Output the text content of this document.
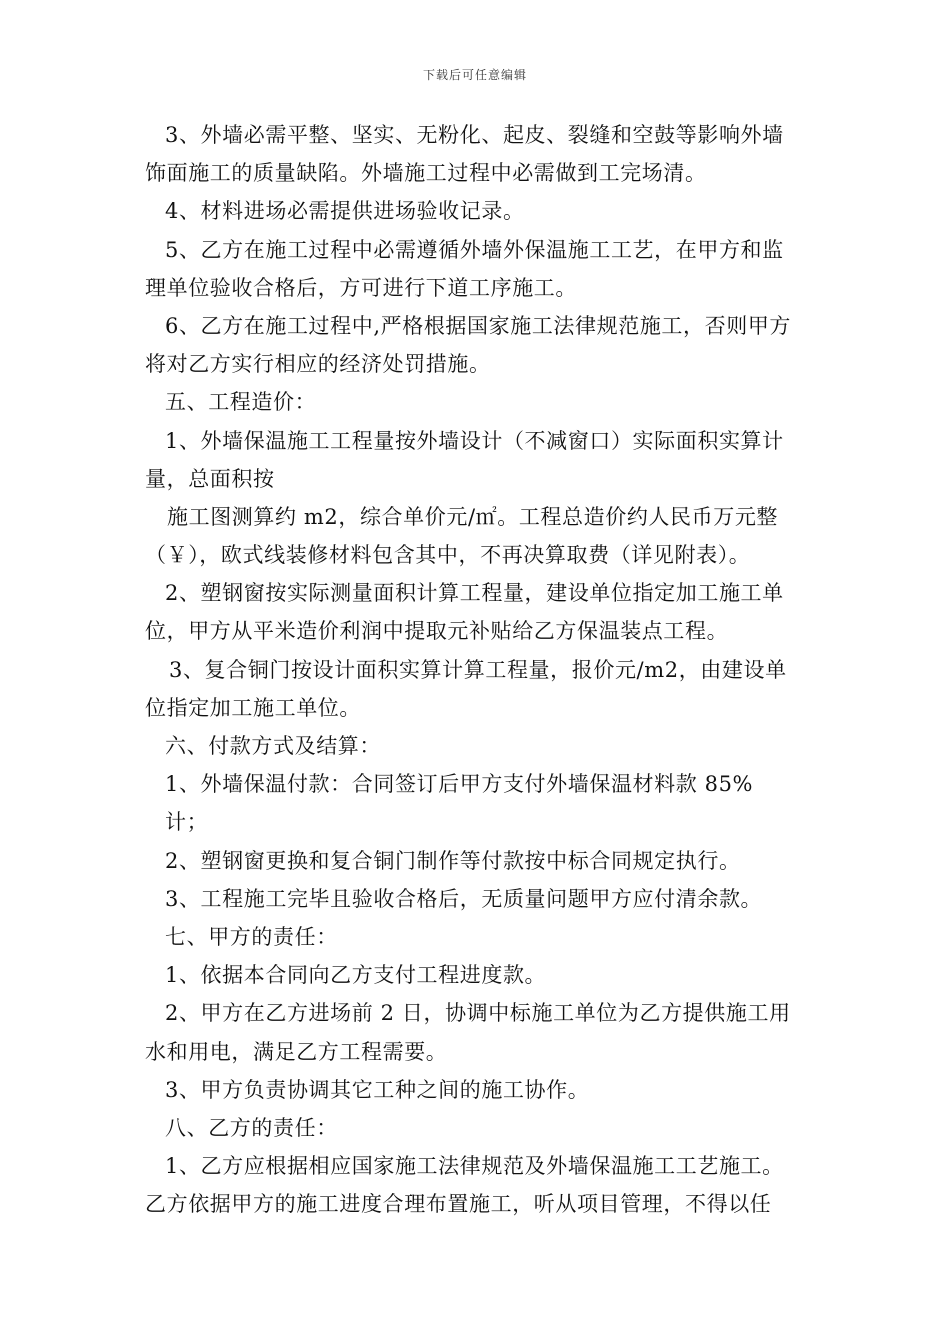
下载后可任意编辑
3、外墙必需平整、坚实、无粉化、起皮、裂缝和空鼓等影响外墙
饰面施工的质量缺陷。外墙施工过程中必需做到工完场清。
4、材料进场必需提供进场验收记录。
5、乙方在施工过程中必需遵循外墙外保温施工工艺，在甲方和监
理单位验收合格后，方可进行下道工序施工。
6、乙方在施工过程中,严格根据国家施工法律规范施工，否则甲方
将对乙方实行相应的经济处罚措施。
五、工程造价：
1、外墙保温施工工程量按外墙设计（不减窗口）实际面积实算计
量，总面积按
施工图测算约 m2，综合单价元/㎡。工程总造价约人民币万元整
（￥），欧式线装修材料包含其中，不再决算取费（详见附表）。
2、塑钢窗按实际测量面积计算工程量，建设单位指定加工施工单
位，甲方从平米造价利润中提取元补贴给乙方保温装点工程。
3、复合铜门按设计面积实算计算工程量，报价元/m2，由建设单
位指定加工施工单位。
六、付款方式及结算：
1、外墙保温付款：合同签订后甲方支付外墙保温材料款 85%
计；
2、塑钢窗更换和复合铜门制作等付款按中标合同规定执行。
3、工程施工完毕且验收合格后，无质量问题甲方应付清余款。
七、甲方的责任：
1、依据本合同向乙方支付工程进度款。
2、甲方在乙方进场前 2 日，协调中标施工单位为乙方提供施工用
水和用电，满足乙方工程需要。
3、甲方负责协调其它工种之间的施工协作。
八、乙方的责任：
1、乙方应根据相应国家施工法律规范及外墙保温施工工艺施工。
乙方依据甲方的施工进度合理布置施工，听从项目管理，不得以任
